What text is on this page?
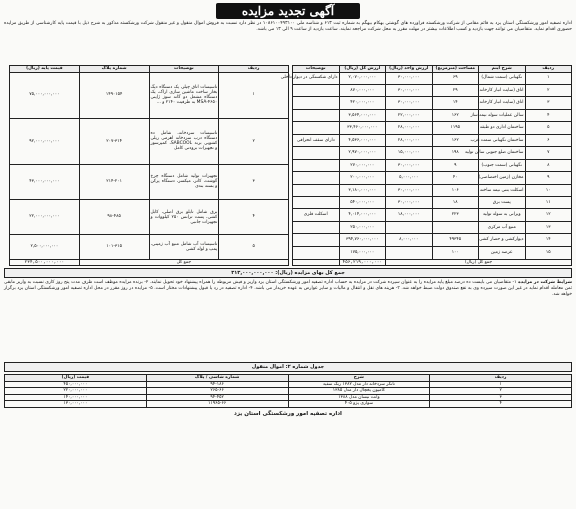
آگهی تجدید مزایده
اداره تصفیه امور ورشکستگی استان یزد به قائم مقامی از شرکت ورشکسته فراورده های گوشتی بهکام بیهگم به شماره ثبت ۶۱۳ و شناسه ملی ۱۰۸۶۱۰۰۴۹۳۱۰۰ در نظر دارد نسبت به فروش اموال منقول و غیر منقول شرکت ورشکسته مذکور به شرح ذیل با قیمت پایه کارشناسی از طریق مزایده حضوری اقدام نماید. متقاضیان می توانند جهت بازدید و کسب اطلاعات بیشتر در مهلت مقرر به محل شرکت مراجعه نمایند. ساعت بازدید از ساعت ۹ الی ۱۳ می باشد.
ردیف	شرح آیتم	مساحت (مترمربع)	ارزش واحد (ریال)	ارزش کل (ریال)	توضیحات
۱	نگهبانی (سمت شمال)	۶۹	۳۰,۰۰۰,۰۰۰	۲,۰۷۰,۰۰۰,۰۰۰	دارای شکستگی در دیوار داخلی
۲	اتاق (سایت انبار کارخانه)	۲۹	۳۰,۰۰۰,۰۰۰	۸۷۰,۰۰۰,۰۰۰	
۳	اتاق (سایت انبار کارخانه)	۱۴	۳۰,۰۰۰,۰۰۰	۴۲۰,۰۰۰,۰۰۰	
۴	سالن عملیات سوله نیمه ساز	۱۶۲	۲۲,۰۰۰,۰۰۰	۳,۵۶۴,۰۰۰,۰۰۰	
۵	ساختمان اداری دو طبقه	۱۱۹۵	۲۸,۰۰۰,۰۰۰	۳۳,۴۶۰,۰۰۰,۰۰۰	
۶	ساختمان نگهبانی سمت غرب	۱۶۲	۲۸,۰۰۰,۰۰۰	۴,۵۳۶,۰۰۰,۰۰۰	دارای سقف انحرافی
۷	ساختمان ضلع جنوبی سالن تولید	۱۹۸	۱۵,۰۰۰,۰۰۰	۲,۹۷۰,۰۰۰,۰۰۰	
۸	نگهبانی (سمت جنوب)	۹	۳۰,۰۰۰,۰۰۰	۲۷۰,۰۰۰,۰۰۰	
۹	مخازن (زمین اختصاصی)	۴۰	۵,۰۰۰,۰۰۰	۲۰۰,۰۰۰,۰۰۰	
۱۰	اسکلت بتنی نیمه ساخته	۱۰۶	۳۰,۰۰۰,۰۰۰	۳,۱۸۰,۰۰۰,۰۰۰	
۱۱	پست برق	۱۸	۳۰,۰۰۰,۰۰۰	۵۴۰,۰۰۰,۰۰۰	
۱۲	ویرانی به سوله تولید	۲۲۳	۱۸,۰۰۰,۰۰۰	۴,۰۱۴,۰۰۰,۰۰۰	اسکلت فلزی
۱۳	منبع آب مرکزی			۲۵۰,۰۰۰,۰۰۰	
۱۴	دیوارکشی و حصار کشی	۴۹۳۴۵	۸,۰۰۰,۰۰۰	۳۹۴,۷۶۰,۰۰۰,۰۰۰	
۱۵	عرصه زمین	۱۰۰		۱۷۵,۰۰۰,۰۰۰	
جمع کل (ریال)				۴۵۶,۲۱۹,۰۰۰,۰۰۰	
ردیف	توضیحات	شماره پلاک	قیمت پایه (ریال)
۱	تاسیسات اتاق چیلر، یک دستگاه دیگ بخار ساخت ماشین سازی اراک، یک دستگاه مشعل دو گانه سوز ژاپنی MSA-۴۶۵۰ به ظرفیت ۲۱۴۰ و ...	۱۴۹۰۱۵۴	۷۵,۰۰۰,۰۰۰,۰۰۰
۲	تاسیسات سردخانه، شامل ده دستگاه درب سردخانه اهرمی ریلی کشویی برند SABCOOL، کمپرسور و تجهیزات برودتی کامل	۲۰۷-۳۱۴	۹۲,۰۰۰,۰۰۰,۰۰۰
۳	تجهیزات تولید شامل دستگاه چرخ گوشت، کاتر، میکسر، دستگاه پرکن و بسته بندی	۲۱۴-۲۰۱	۴۳,۰۰۰,۰۰۰,۰۰۰
۴	برق شامل تابلو برق اصلی، کابل کشی، پست ترانس ۲۵۰ کیلووات و تجهیزات جانبی	۹۸-۴۸۵	۲۲,۰۰۰,۰۰۰,۰۰۰
۵	تاسیسات آب شامل منبع آب زمینی، پمپ و لوله کشی	۱۰۱-۳۱۵	۲,۵۰۰,۰۰۰,۰۰۰
جمع کل			۲۳۴,۵۰۰,۰۰۰,۰۰۰
جمع کل بهای مزایده (ریال): ۳۱۳,۰۰۰,۰۰۰,۰۰۰
شرایط شرکت در مزایده ۱- متقاضیان می بایست ده درصد مبلغ پایه مزایده را به عنوان سپرده شرکت در مزایده به حساب اداره تصفیه امور ورشکستگی استان یزد واریز و فیش مربوطه را همراه پیشنهاد خود تحویل نمایند. ۲- برنده مزایده موظف است ظرف مدت پنج روز کاری نسبت به واریز مابقی ثمن معامله اقدام نماید در غیر این صورت سپرده وی به نفع صندوق دولت ضبط خواهد شد. ۳- هزینه های نقل و انتقال و مالیات و سایر عوارض به عهده خریدار می باشد. ۴- اداره تصفیه در رد یا قبول پیشنهادات مختار است. ۵- مزایده در روز مقرر در محل اداره تصفیه امور ورشکستگی استان یزد برگزار خواهد شد.
جدول شماره ۲: اموال منقول
ردیف	شرح	شماره شاسی / پلاک	قیمت (ریال)
۱	تانکر سردخانه دار مدل ۱۳۸۲ رنگ سفید	۹۴-۱۸۶	۴۵۰,۰۰۰,۰۰۰
۲	کامیون یخچال دار مدل ۱۳۸۵	۲۶۵-۶۶	۲۲۰,۰۰۰,۰۰۰
۳	وانت نیسان مدل ۱۳۸۸	۹۴-۴۵۲	۱۴۰,۰۰۰,۰۰۰
۴	سواری پژو ۴۰۵	۱۱۹۶۵-۶۶	۱۳۰,۰۰۰,۰۰۰
اداره تصفیه امور ورشکستگی استان یزد
